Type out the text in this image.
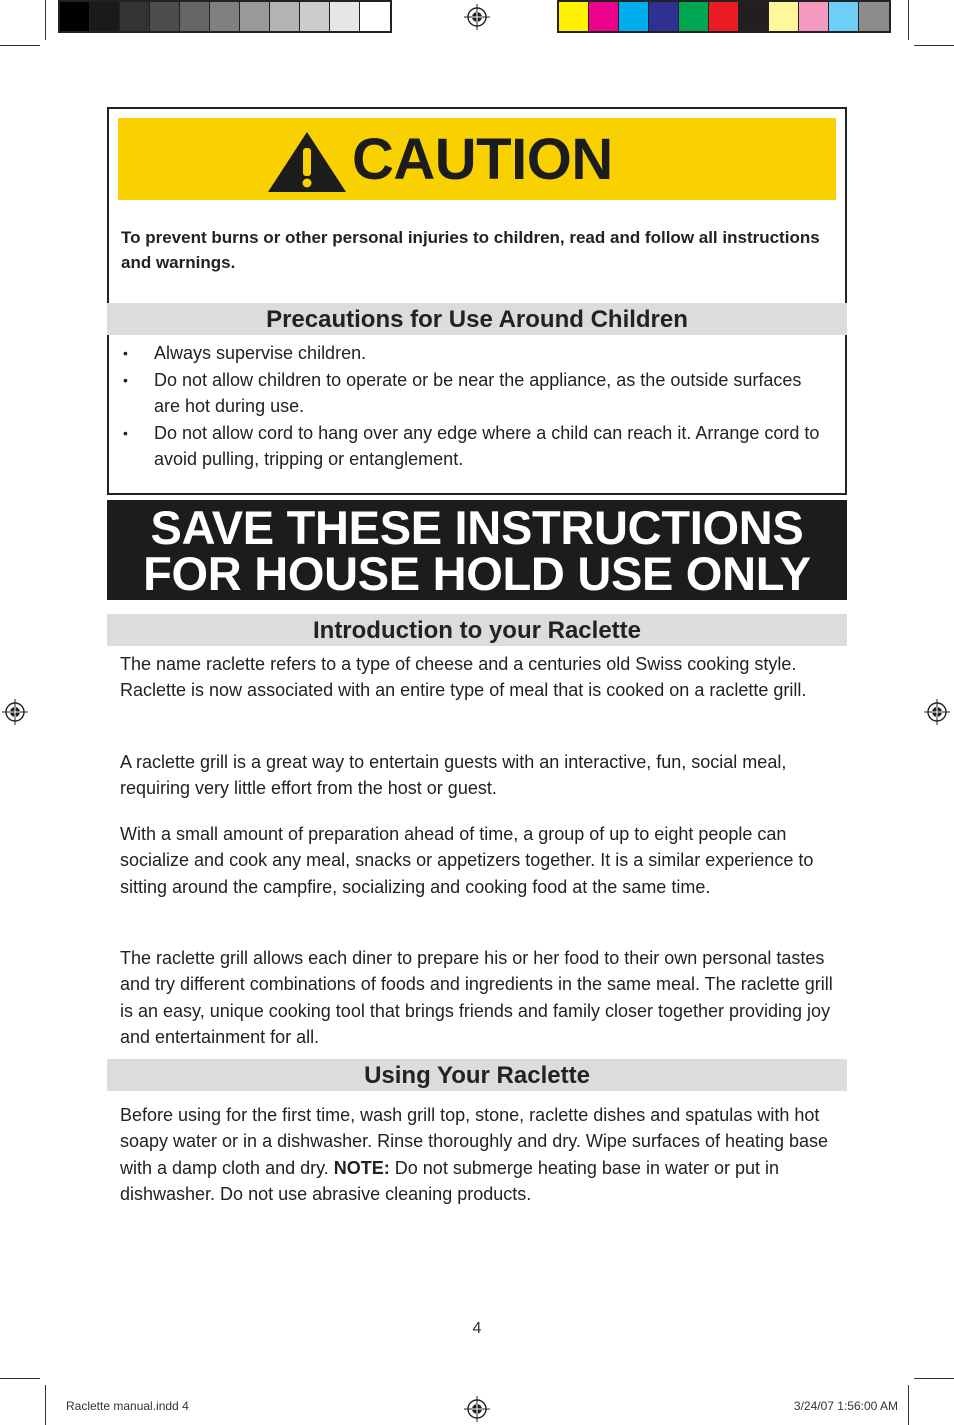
CAUTION
To prevent burns or other personal injuries to children, read and follow all instructions and warnings.
Precautions for Use Around Children
• Always supervise children.
• Do not allow children to operate or be near the appliance, as the outside surfaces are hot during use.
• Do not allow cord to hang over any edge where a child can reach it. Arrange cord to avoid pulling, tripping or entanglement.
SAVE THESE INSTRUCTIONS
FOR HOUSE HOLD USE ONLY
Introduction to your Raclette

The name raclette refers to a type of cheese and a centuries old Swiss cooking style. Raclette is now associated with an entire type of meal that is cooked on a raclette grill.

A raclette grill is a great way to entertain guests with an interactive, fun, social meal, requiring very little effort from the host or guest.

With a small amount of preparation ahead of time, a group of up to eight people can socialize and cook any meal, snacks or appetizers together. It is a similar experience to sitting around the campfire, socializing and cooking food at the same time.

The raclette grill allows each diner to prepare his or her food to their own personal tastes and try different combinations of foods and ingredients in the same meal. The raclette grill is an easy, unique cooking tool that brings friends and family closer together providing joy and entertainment for all.

Using Your Raclette

Before using for the first time, wash grill top, stone, raclette dishes and spatulas with hot soapy water or in a dishwasher. Rinse thoroughly and dry. Wipe surfaces of heating base with a damp cloth and dry. NOTE: Do not submerge heating base in water or put in dishwasher. Do not use abrasive cleaning products.

4
Raclette manual.indd 4	3/24/07 1:56:00 AM
